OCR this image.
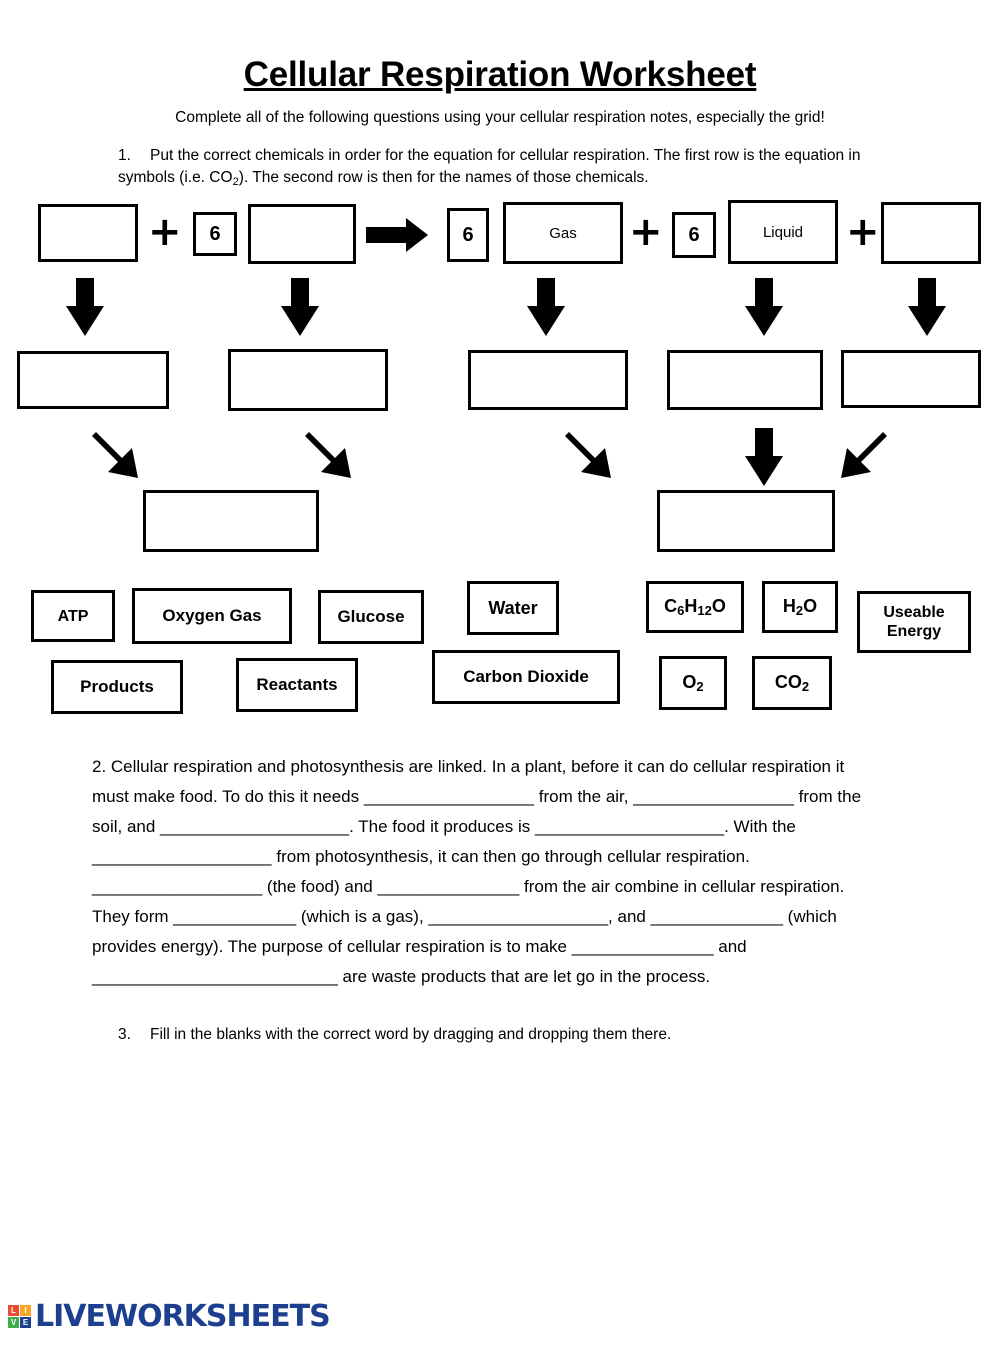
Cellular Respiration Worksheet
Complete all of the following questions using your cellular respiration notes, especially the grid!
1. Put the correct chemicals in order for the equation for cellular respiration. The first row is the equation in symbols (i.e. $CO_2$). The second row is then for the names of those chemicals.
+	6	6	Gas	+	6	Liquid	+
ATP	Oxygen Gas	Glucose	Water	$C_6H_{12}O$	$H_2O$	Useable Energy
Products	Reactants	Carbon Dioxide	$O_2$	$CO_2$
2. Cellular respiration and photosynthesis are linked. In a plant, before it can do cellular respiration it must make food. To do this it needs __________________ from the air, _________________ from the soil, and ____________________. The food it produces is ____________________. With the ___________________ from photosynthesis, it can then go through cellular respiration. __________________ (the food) and _______________ from the air combine in cellular respiration. They form _____________ (which is a gas), ___________________, and ______________ (which provides energy). The purpose of cellular respiration is to make _______________ and __________________________ are waste products that are let go in the process.
3. Fill in the blanks with the correct word by dragging and dropping them there.
L	I
V E LIVEWORKSHEETS
